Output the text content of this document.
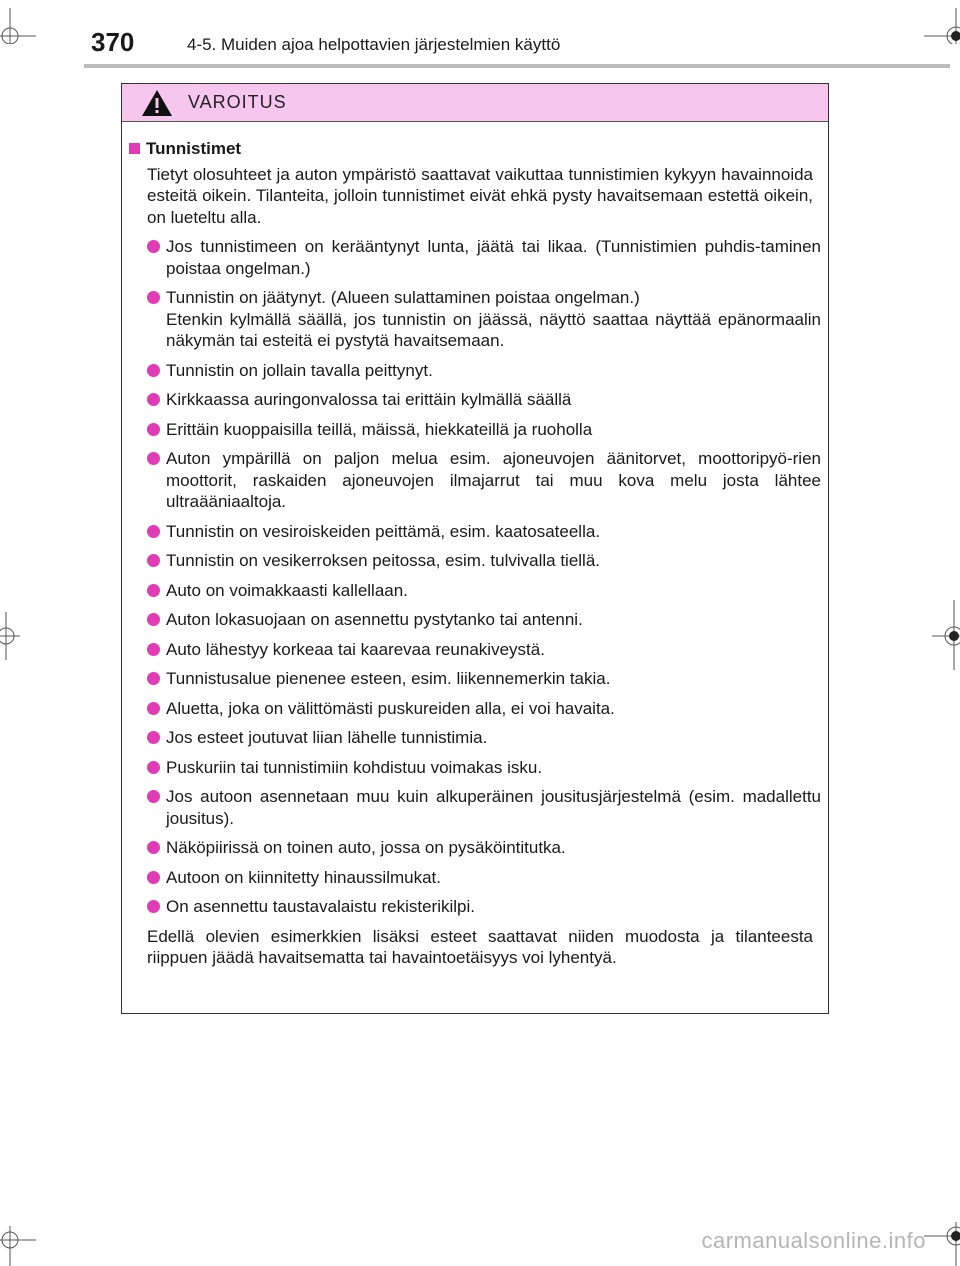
370	4-5. Muiden ajoa helpottavien järjestelmien käyttö
VAROITUS
Tunnistimet
Tietyt olosuhteet ja auton ympäristö saattavat vaikuttaa tunnistimien kykyyn havainnoida esteitä oikein. Tilanteita, jolloin tunnistimet eivät ehkä pysty havaitsemaan estettä oikein, on lueteltu alla.
Jos tunnistimeen on kerääntynyt lunta, jäätä tai likaa. (Tunnistimien puhdis-taminen poistaa ongelman.)
Tunnistin on jäätynyt. (Alueen sulattaminen poistaa ongelman.)
Etenkin kylmällä säällä, jos tunnistin on jäässä, näyttö saattaa näyttää epänormaalin näkymän tai esteitä ei pystytä havaitsemaan.
Tunnistin on jollain tavalla peittynyt.
Kirkkaassa auringonvalossa tai erittäin kylmällä säällä
Erittäin kuoppaisilla teillä, mäissä, hiekkateillä ja ruoholla
Auton ympärillä on paljon melua esim. ajoneuvojen äänitorvet, moottoripyö-rien moottorit, raskaiden ajoneuvojen ilmajarrut tai muu kova melu josta lähtee ultraääniaaltoja.
Tunnistin on vesiroiskeiden peittämä, esim. kaatosateella.
Tunnistin on vesikerroksen peitossa, esim. tulvivalla tiellä.
Auto on voimakkaasti kallellaan.
Auton lokasuojaan on asennettu pystytanko tai antenni.
Auto lähestyy korkeaa tai kaarevaa reunakiveystä.
Tunnistusalue pienenee esteen, esim. liikennemerkin takia.
Aluetta, joka on välittömästi puskureiden alla, ei voi havaita.
Jos esteet joutuvat liian lähelle tunnistimia.
Puskuriin tai tunnistimiin kohdistuu voimakas isku.
Jos autoon asennetaan muu kuin alkuperäinen jousitusjärjestelmä (esim. madallettu jousitus).
Näköpiirissä on toinen auto, jossa on pysäköintitutka.
Autoon on kiinnitetty hinaussilmukat.
On asennettu taustavalaistu rekisterikilpi.
Edellä olevien esimerkkien lisäksi esteet saattavat niiden muodosta ja tilanteesta riippuen jäädä havaitsematta tai havaintoetäisyys voi lyhentyä.
carmanualsonline.info
